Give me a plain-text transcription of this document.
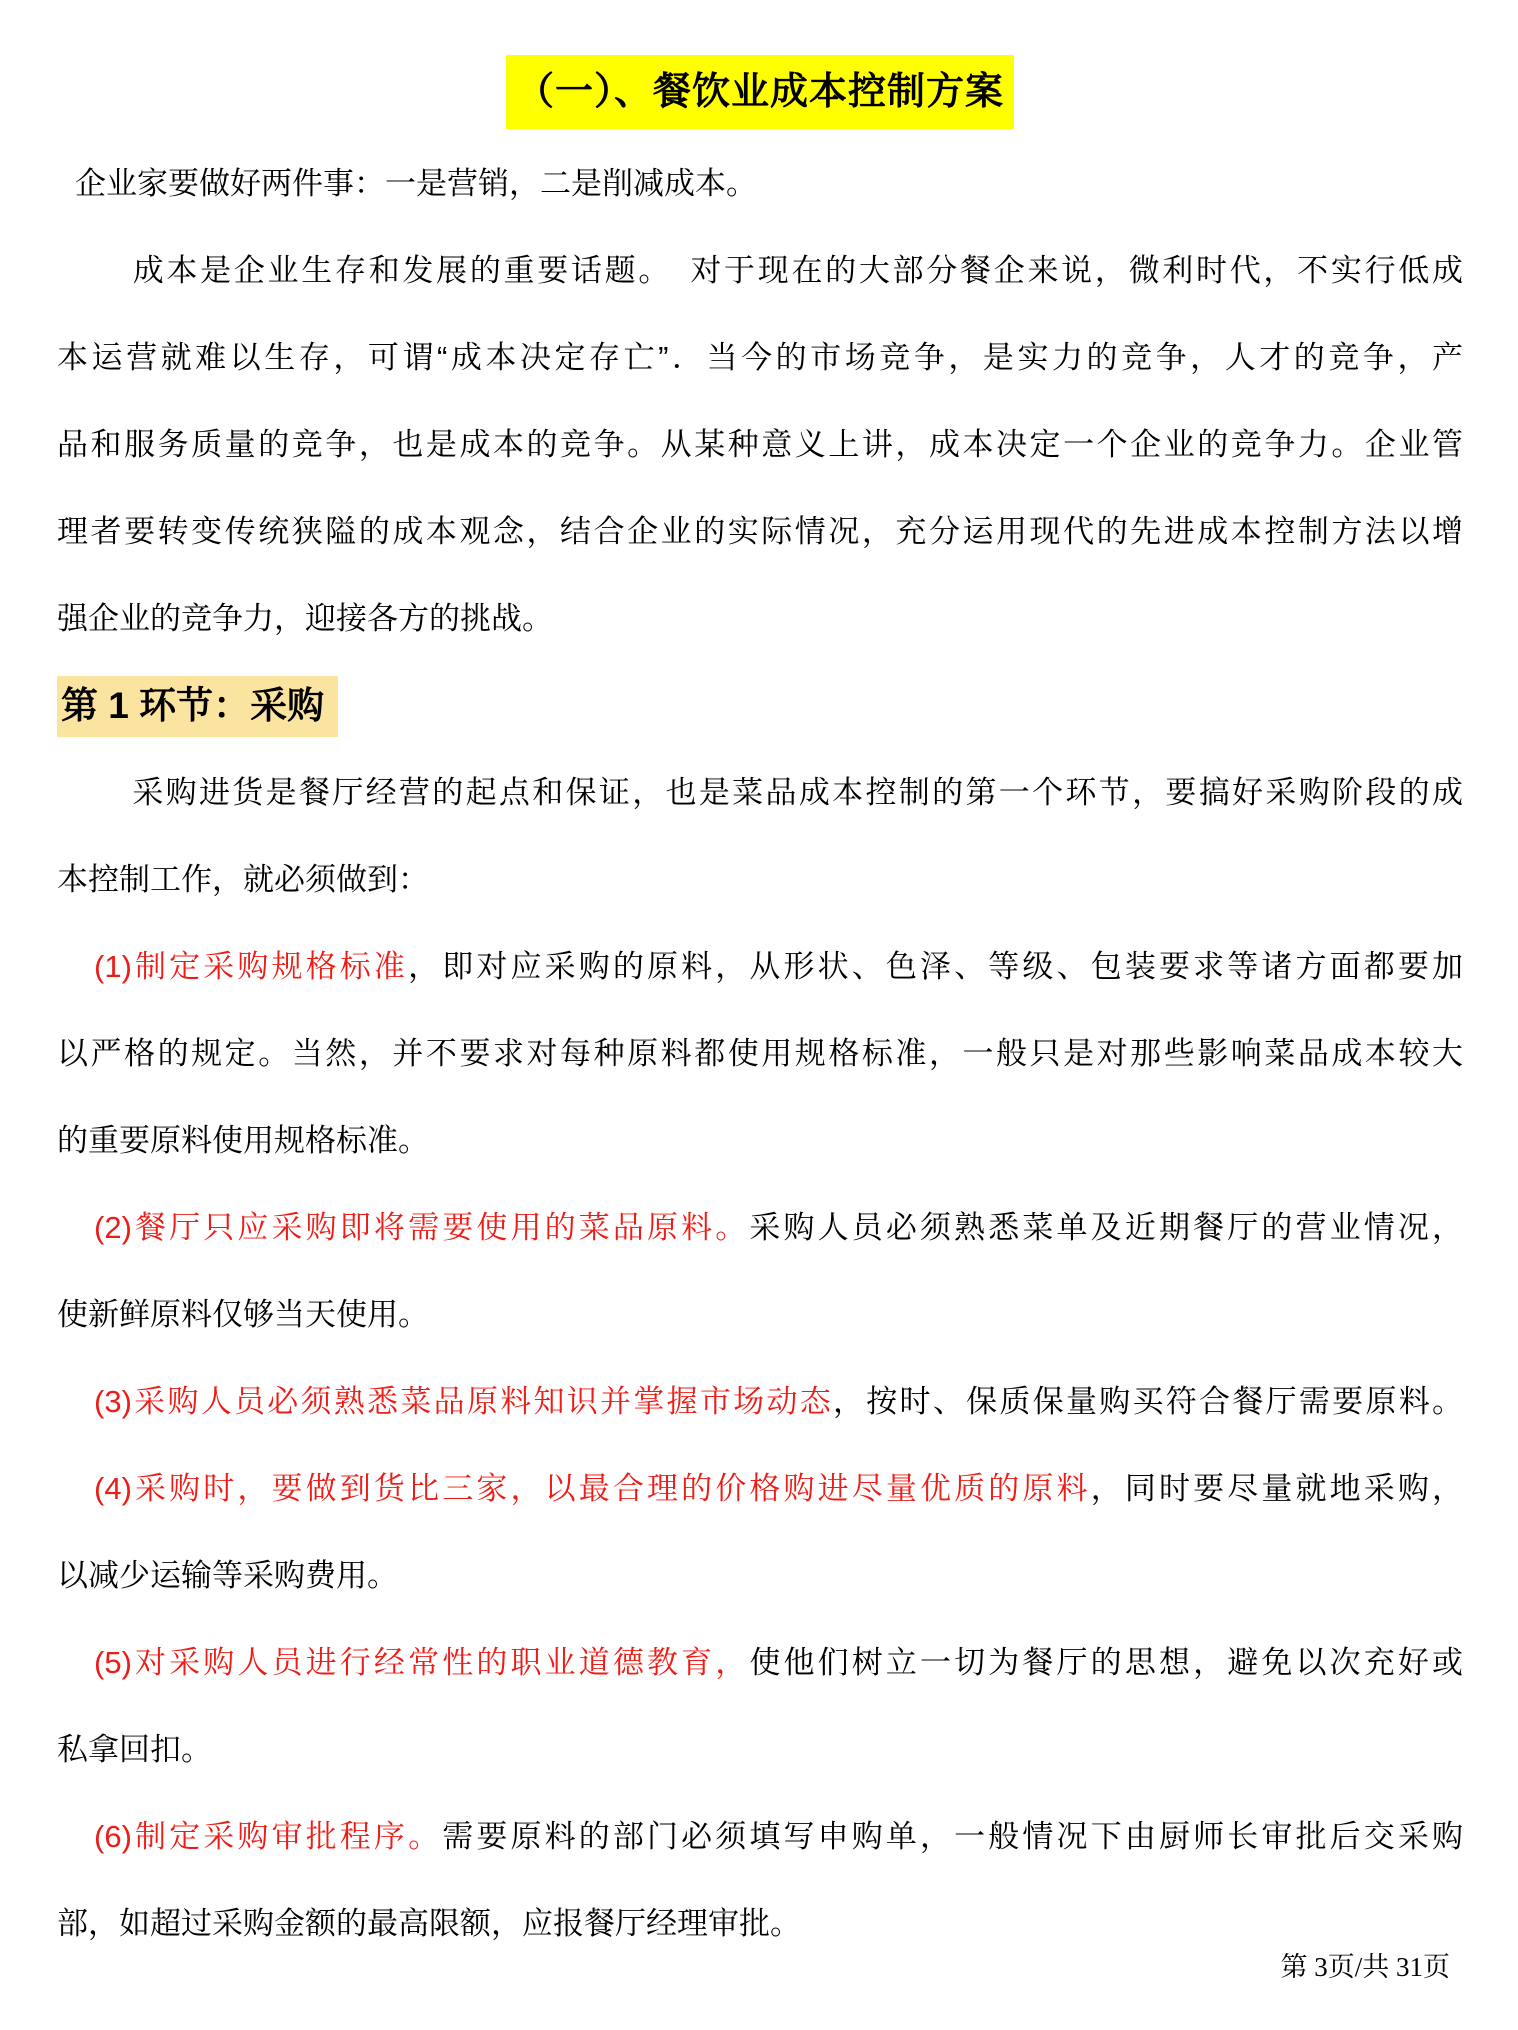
（一）、餐饮业成本控制方案
企业家要做好两件事：一是营销，二是削减成本。
成本是企业生存和发展的重要话题。　对于现在的大部分餐企来说，微利时代，不实行低成
本运营就难以生存，可谓“成本决定存亡”．当今的市场竞争，是实力的竞争，人才的竞争，产
品和服务质量的竞争，也是成本的竞争。从某种意义上讲，成本决定一个企业的竞争力。企业管
理者要转变传统狭隘的成本观念，结合企业的实际情况，充分运用现代的先进成本控制方法以增
强企业的竞争力，迎接各方的挑战。
第 1 环节：采购
采购进货是餐厅经营的起点和保证，也是菜品成本控制的第一个环节，要搞好采购阶段的成
本控制工作，就必须做到：
(1)制定采购规格标准，即对应采购的原料，从形状、色泽、等级、包装要求等诸方面都要加
以严格的规定。当然，并不要求对每种原料都使用规格标准，一般只是对那些影响菜品成本较大
的重要原料使用规格标准。
(2)餐厅只应采购即将需要使用的菜品原料。采购人员必须熟悉菜单及近期餐厅的营业情况，
使新鲜原料仅够当天使用。
(3)采购人员必须熟悉菜品原料知识并掌握市场动态，按时、保质保量购买符合餐厅需要原料。
(4)采购时，要做到货比三家，以最合理的价格购进尽量优质的原料，同时要尽量就地采购，
以减少运输等采购费用。
(5)对采购人员进行经常性的职业道德教育，使他们树立一切为餐厅的思想，避免以次充好或
私拿回扣。
(6)制定采购审批程序。需要原料的部门必须填写申购单，一般情况下由厨师长审批后交采购
部，如超过采购金额的最高限额，应报餐厅经理审批。
第 3页/共 31页
